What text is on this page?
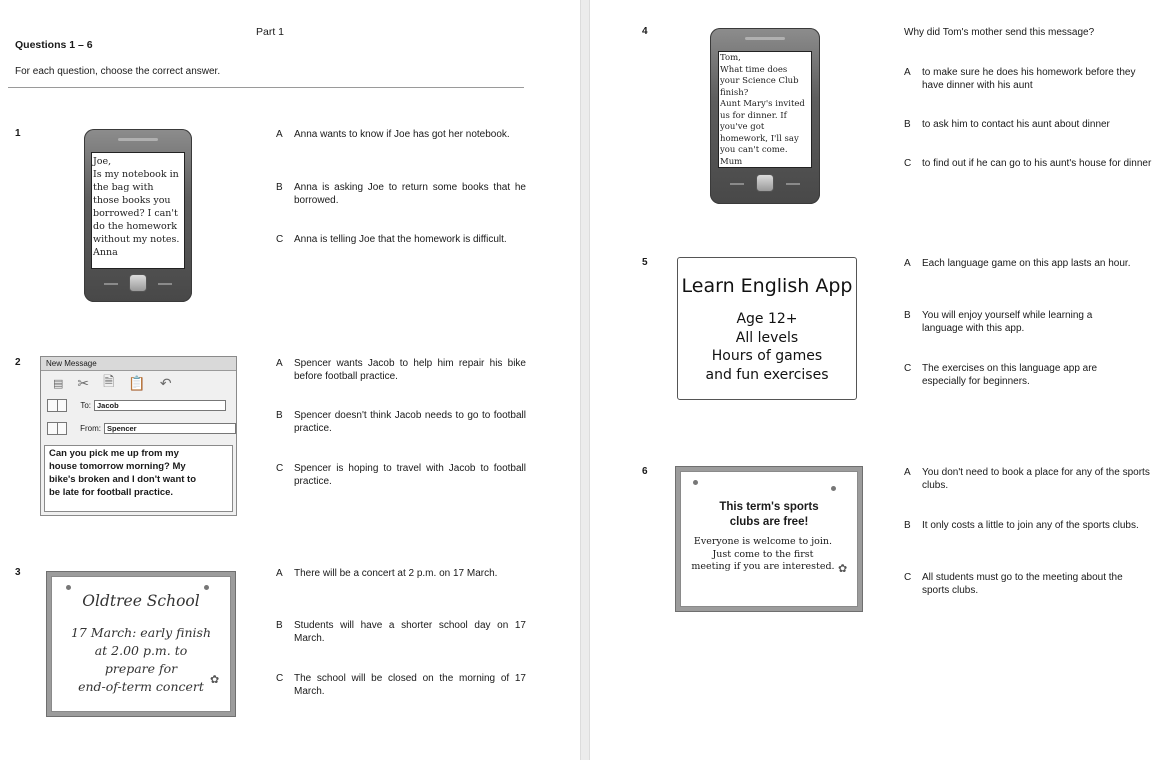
Part 1
Questions 1 – 6
For each question, choose the correct answer.
1
Joe,
Is my notebook in
the bag with
those books you
borrowed? I can't
do the homework
without my notes.
Anna
A	Anna wants to know if Joe has got her notebook.
B	Anna is asking Joe to return some books that he borrowed.
C	Anna is telling Joe that the homework is difficult.
2	New Message
▤ ✂ 🗎 📋 ↶
To: Jacob
From: Spencer
Can you pick me up from my
house tomorrow morning? My
bike's broken and I don't want to
be late for football practice.
A	Spencer wants Jacob to help him repair his bike before football practice.
B	Spencer doesn't think Jacob needs to go to football practice.
C	Spencer is hoping to travel with Jacob to football practice.
3
Oldtree School
17 March: early finish
at 2.00 p.m. to
prepare for
end-of-term concert ✿
A	There will be a concert at 2 p.m. on 17 March.
B	Students will have a shorter school day on 17 March.
C	The school will be closed on the morning of 17 March.
4
Tom,
What time does
your Science Club
finish?
Aunt Mary's invited
us for dinner. If
you've got
homework, I'll say
you can't come.
Mum
Why did Tom's mother send this message?
A	to make sure he does his homework before they have dinner with his aunt
B	to ask him to contact his aunt about dinner
C	to find out if he can go to his aunt's house for dinner
5
Learn English App
Age 12+
All levels
Hours of games
and fun exercises
A	Each language game on this app lasts an hour.
B	You will enjoy yourself while learning a language with this app.
C	The exercises on this language app are especially for beginners.
6
This term's sports
clubs are free!
Everyone is welcome to join.
Just come to the first
meeting if you are interested. ✿
A	You don't need to book a place for any of the sports clubs.
B	It only costs a little to join any of the sports clubs.
C	All students must go to the meeting about the sports clubs.
